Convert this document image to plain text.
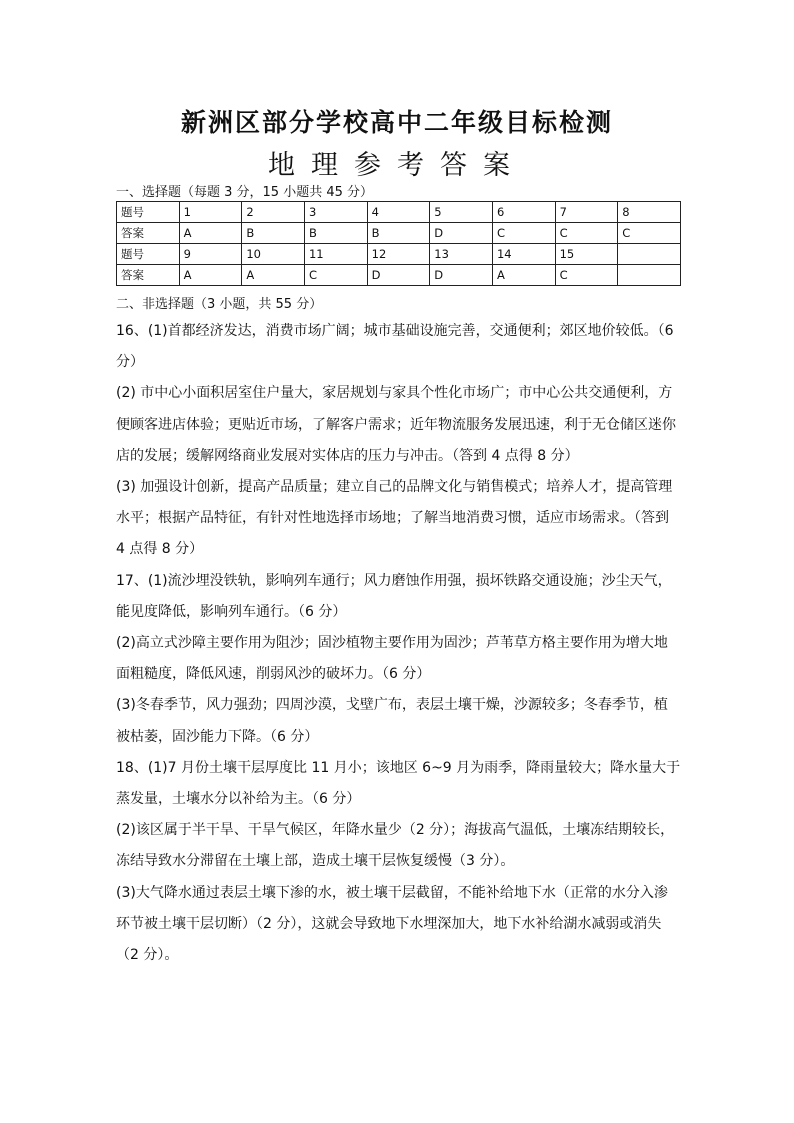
新洲区部分学校高中二年级目标检测
地理参考答案
一、选择题（每题 3 分，15 小题共 45 分）
题号	1	2	3	4	5	6	7	8
答案	A	B	B	B	D	C	C	C
题号	9	10	11	12	13	14	15	
答案	A	A	C	D	D	A	C	
二、非选择题（3 小题，共 55 分）

16、(1)首都经济发达，消费市场广阔；城市基础设施完善，交通便利；郊区地价较低。（6 分）

(2) 市中心小面积居室住户量大，家居规划与家具个性化市场广；市中心公共交通便利，方便顾客进店体验；更贴近市场，了解客户需求；近年物流服务发展迅速，利于无仓储区迷你店的发展；缓解网络商业发展对实体店的压力与冲击。（答到 4 点得 8 分）

(3) 加强设计创新，提高产品质量；建立自己的品牌文化与销售模式；培养人才，提高管理水平；根据产品特征，有针对性地选择市场地；了解当地消费习惯，适应市场需求。（答到 4 点得 8 分）

17、(1)流沙埋没铁轨，影响列车通行；风力磨蚀作用强，损坏铁路交通设施；沙尘天气，能见度降低，影响列车通行。（6 分）

(2)高立式沙障主要作用为阻沙；固沙植物主要作用为固沙；芦苇草方格主要作用为增大地面粗糙度，降低风速，削弱风沙的破坏力。（6 分）

(3)冬春季节，风力强劲；四周沙漠，戈壁广布，表层土壤干燥，沙源较多；冬春季节，植被枯萎，固沙能力下降。（6 分）

18、(1)7 月份土壤干层厚度比 11 月小；该地区 6~9 月为雨季，降雨量较大；降水量大于蒸发量，土壤水分以补给为主。（6 分）

(2)该区属于半干旱、干旱气候区，年降水量少（2 分）；海拔高气温低，土壤冻结期较长，冻结导致水分滞留在土壤上部，造成土壤干层恢复缓慢（3 分）。

(3)大气降水通过表层土壤下渗的水，被土壤干层截留，不能补给地下水（正常的水分入渗环节被土壤干层切断）（2 分），这就会导致地下水埋深加大，地下水补给湖水减弱或消失（2 分）。
